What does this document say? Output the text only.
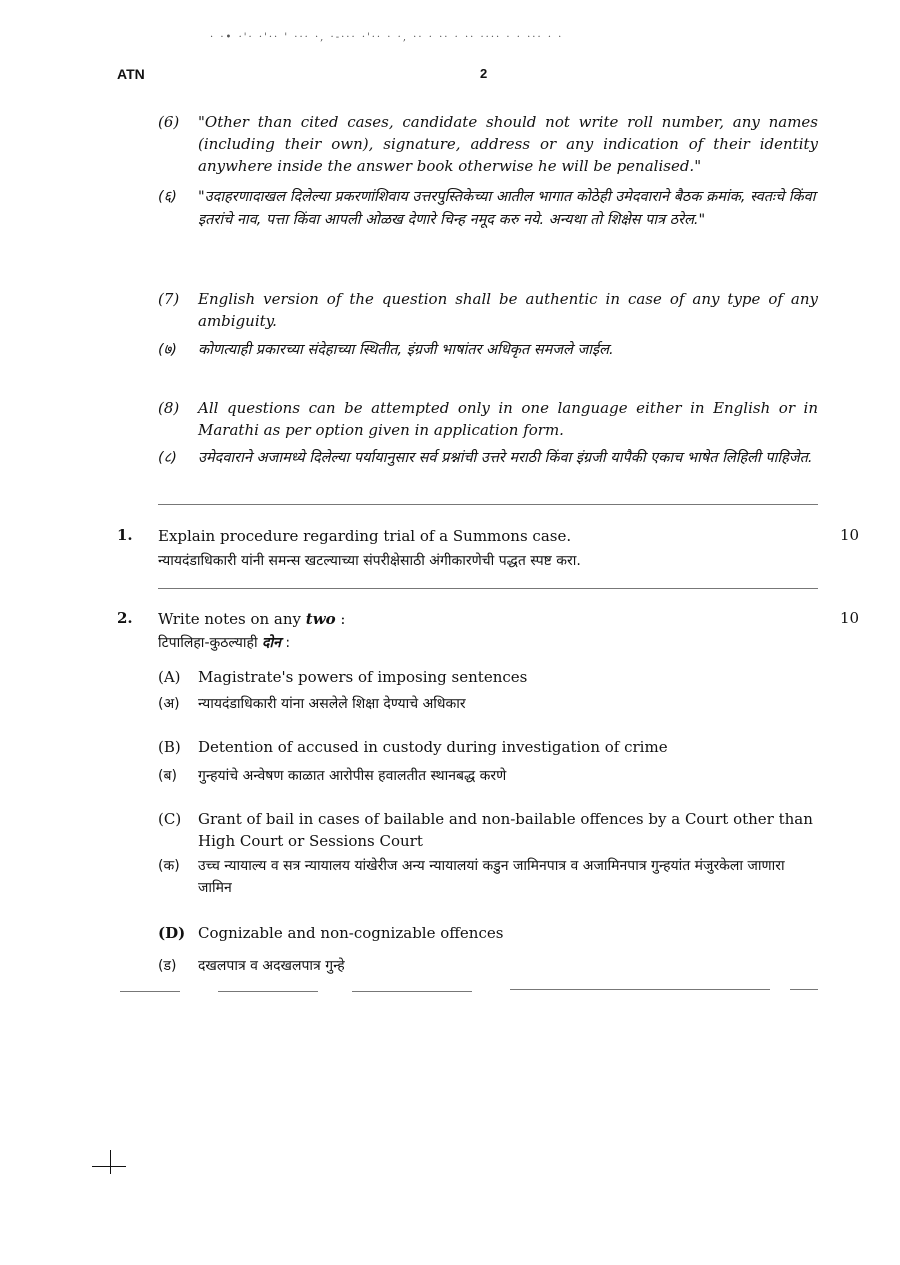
· ·• ·'· ·'·· ' ··· ·, ·-··· ·'·· · ·, ·· · ·· · ·· ···· · · ··· · ·
ATN	2
(6) "Other than cited cases, candidate should not write roll number, any names (including their own), signature, address or any indication of their identity anywhere inside the answer book otherwise he will be penalised."
(६) "उदाहरणादाखल दिलेल्या प्रकरणांशिवाय उत्तरपुस्तिकेच्या आतील भागात कोठेही उमेदवाराने बैठक क्रमांक, स्वतःचे किंवा इतरांचे नाव, पत्ता किंवा आपली ओळख देणारे चिन्ह नमूद करु नये. अन्यथा तो शिक्षेस पात्र ठरेल."
(7) English version of the question shall be authentic in case of any type of any ambiguity.
(७) कोणत्याही प्रकारच्या संदेहाच्या स्थितीत, इंग्रजी भाषांतर अधिकृत समजले जाईल.
(8) All questions can be attempted only in one language either in English or in Marathi as per option given in application form.
(८) उमेदवाराने अजामध्ये दिलेल्या पर्यायानुसार सर्व प्रश्नांची उत्तरे मराठी किंवा इंग्रजी यापैकी एकाच भाषेत लिहिली पाहिजेत.
1. Explain procedure regarding trial of a Summons case.
न्यायदंडाधिकारी यांनी समन्स खटल्याच्या संपरीक्षेसाठी अंगीकारणेची पद्धत स्पष्ट करा.
10
2. Write notes on any two :
टिपालिहा-कुठल्याही दोन :
10
(A) Magistrate's powers of imposing sentences
(अ) न्यायदंडाधिकारी यांना असलेले शिक्षा देण्याचे अधिकार
(B) Detention of accused in custody during investigation of crime
(ब) गुन्हयांचे अन्वेषण काळात आरोपीस हवालतीत स्थानबद्ध करणे
(C) Grant of bail in cases of bailable and non-bailable offences by a Court other than High Court or Sessions Court
(क) उच्च न्यायाल्य व सत्र न्यायालय यांखेरीज अन्य न्यायालयां कडुन जामिनपात्र व अजामिनपात्र गुन्हयांत मंजुरकेला जाणारा जामिन
(D) Cognizable and non-cognizable offences
(ड) दखलपात्र व अदखलपात्र गुन्हे
